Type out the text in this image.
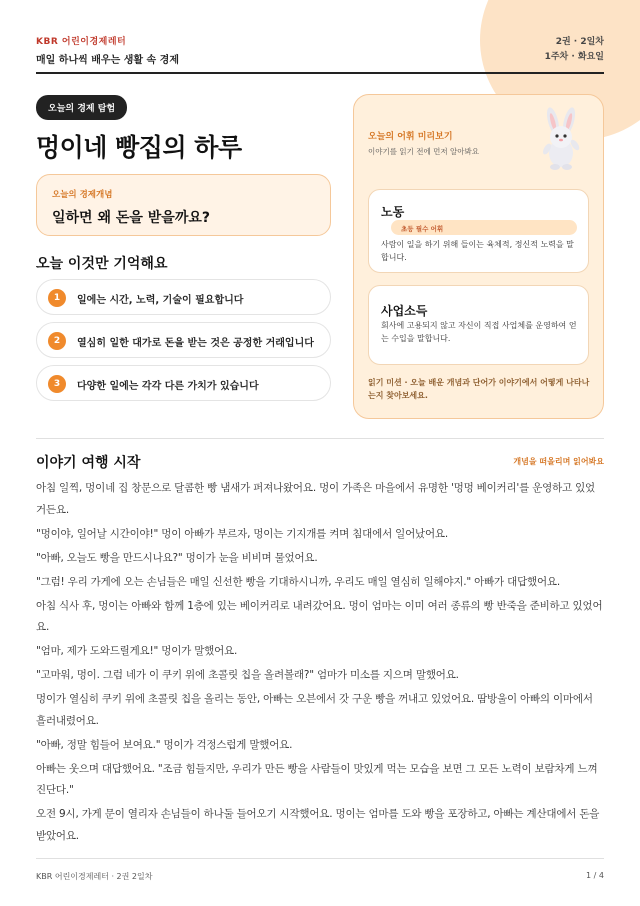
KBR 어린이경제레터
매일 하나씩 배우는 생활 속 경제
2권 · 2일차
1주차 · 화요일
오늘의 경제 탐험
멍이네 빵집의 하루
오늘의 경제개념
일하면 왜 돈을 받을까요?
오늘 이것만 기억해요
1	일에는 시간, 노력, 기술이 필요합니다
2	열심히 일한 대가로 돈을 받는 것은 공정한 거래입니다
3	다양한 일에는 각각 다른 가치가 있습니다
오늘의 어휘 미리보기
이야기를 읽기 전에 먼저 알아봐요
노동
초등 필수 어휘
사람이 일을 하기 위해 들이는 육체적, 정신적 노력을 말합니다.
사업소득
회사에 고용되지 않고 자신이 직접 사업체를 운영하여 얻는 수입을 말합니다.
읽기 미션 · 오늘 배운 개념과 단어가 이야기에서 어떻게 나타나는지 찾아보세요.
이야기 여행 시작	개념을 떠올리며 읽어봐요

아침 일찍, 멍이네 집 창문으로 달콤한 빵 냄새가 퍼져나왔어요. 멍이 가족은 마을에서 유명한 '멍멍 베이커리'를 운영하고 있었거든요.

"멍이야, 일어날 시간이야!" 멍이 아빠가 부르자, 멍이는 기지개를 켜며 침대에서 일어났어요.

"아빠, 오늘도 빵을 만드시나요?" 멍이가 눈을 비비며 물었어요.

"그럼! 우리 가게에 오는 손님들은 매일 신선한 빵을 기대하시니까, 우리도 매일 열심히 일해야지." 아빠가 대답했어요.

아침 식사 후, 멍이는 아빠와 함께 1층에 있는 베이커리로 내려갔어요. 멍이 엄마는 이미 여러 종류의 빵 반죽을 준비하고 있었어요.

"엄마, 제가 도와드릴게요!" 멍이가 말했어요.

"고마워, 멍이. 그럼 네가 이 쿠키 위에 초콜릿 칩을 올려볼래?" 엄마가 미소를 지으며 말했어요.

멍이가 열심히 쿠키 위에 초콜릿 칩을 올리는 동안, 아빠는 오븐에서 갓 구운 빵을 꺼내고 있었어요. 땀방울이 아빠의 이마에서 흘러내렸어요.

"아빠, 정말 힘들어 보여요." 멍이가 걱정스럽게 말했어요.

아빠는 웃으며 대답했어요. "조금 힘들지만, 우리가 만든 빵을 사람들이 맛있게 먹는 모습을 보면 그 모든 노력이 보람차게 느껴진단다."

오전 9시, 가게 문이 열리자 손님들이 하나둘 들어오기 시작했어요. 멍이는 엄마를 도와 빵을 포장하고, 아빠는 계산대에서 돈을 받았어요.

KBR 어린이경제레터 · 2권 2일차	1 / 4
